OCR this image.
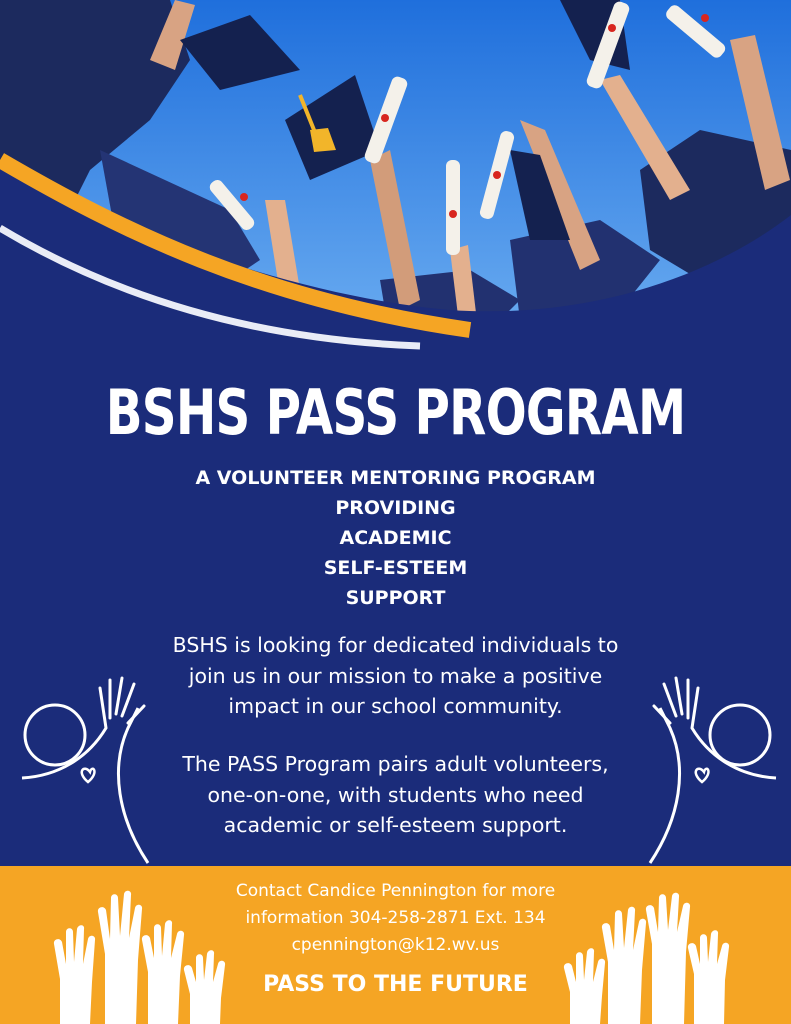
BSHS PASS PROGRAM
A VOLUNTEER MENTORING PROGRAM
PROVIDING
ACADEMIC
SELF-ESTEEM
SUPPORT
BSHS is looking for dedicated individuals to
join us in our mission to make a positive
impact in our school community.
The PASS Program pairs adult volunteers,
one-on-one, with students who need
academic or self-esteem support.
Contact Candice Pennington for more
information 304-258-2871 Ext. 134
cpennington@k12.wv.us
PASS TO THE FUTURE
